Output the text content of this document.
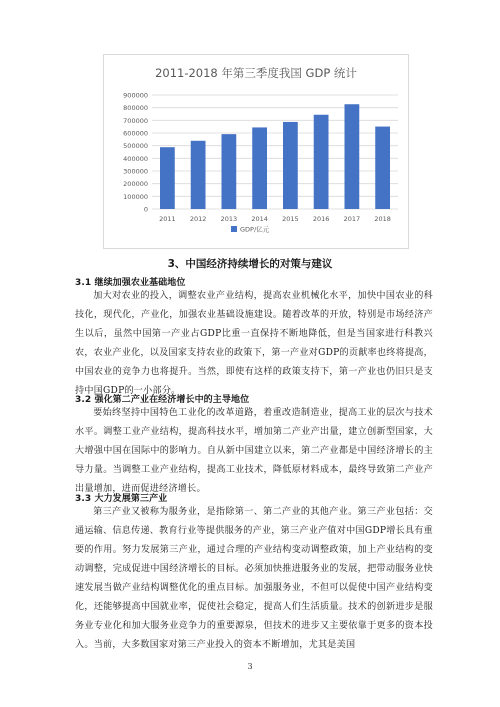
0
100000
200000
300000
400000
500000
600000
700000
800000
900000
2011 2012 2013 2014 2015 2016 2017 2018
GDP/亿元
2011-2018 年第三季度我国 GDP 统计
3、中国经济持续增长的对策与建议
3.1 继续加强农业基础地位

加大对农业的投入，调整农业产业结构，提高农业机械化水平，加快中国农业的科技化，现代化，产业化，加强农业基础设施建设。随着改革的开放，特别是市场经济产生以后，虽然中国第一产业占GDP比重一直保持不断地降低，但是当国家进行科教兴农，农业产业化，以及国家支持农业的政策下，第一产业对GDP的贡献率也终将提高，中国农业的竞争力也将提升。当然，即使有这样的政策支持下，第一产业也仍旧只是支持中国GDP的一小部分。

3.2 强化第二产业在经济增长中的主导地位

要始终坚持中国特色工业化的改革道路，着重改造制造业，提高工业的层次与技术水平。调整工业产业结构，提高科技水平，增加第二产业产出量，建立创新型国家，大大增强中国在国际中的影响力。自从新中国建立以来，第二产业都是中国经济增长的主导力量。当调整工业产业结构，提高工业技术，降低原材料成本，最终导致第二产业产出量增加，进而促进经济增长。

3.3 大力发展第三产业

第三产业又被称为服务业，是指除第一、第二产业的其他产业。第三产业包括：交通运输、信息传递、教育行业等提供服务的产业，第三产业产值对中国GDP增长具有重要的作用。努力发展第三产业，通过合理的产业结构变动调整政策，加上产业结构的变动调整，完成促进中国经济增长的目标。必须加快推进服务业的发展，把带动服务业快速发展当做产业结构调整优化的重点目标。加强服务业，不但可以促使中国产业结构变化，还能够提高中国就业率，促使社会稳定，提高人们生活质量。技术的创新进步是服务业专业化和加大服务业竞争力的重要源泉，但技术的进步又主要依靠于更多的资本投入。当前，大多数国家对第三产业投入的资本不断增加，尤其是美国

3
